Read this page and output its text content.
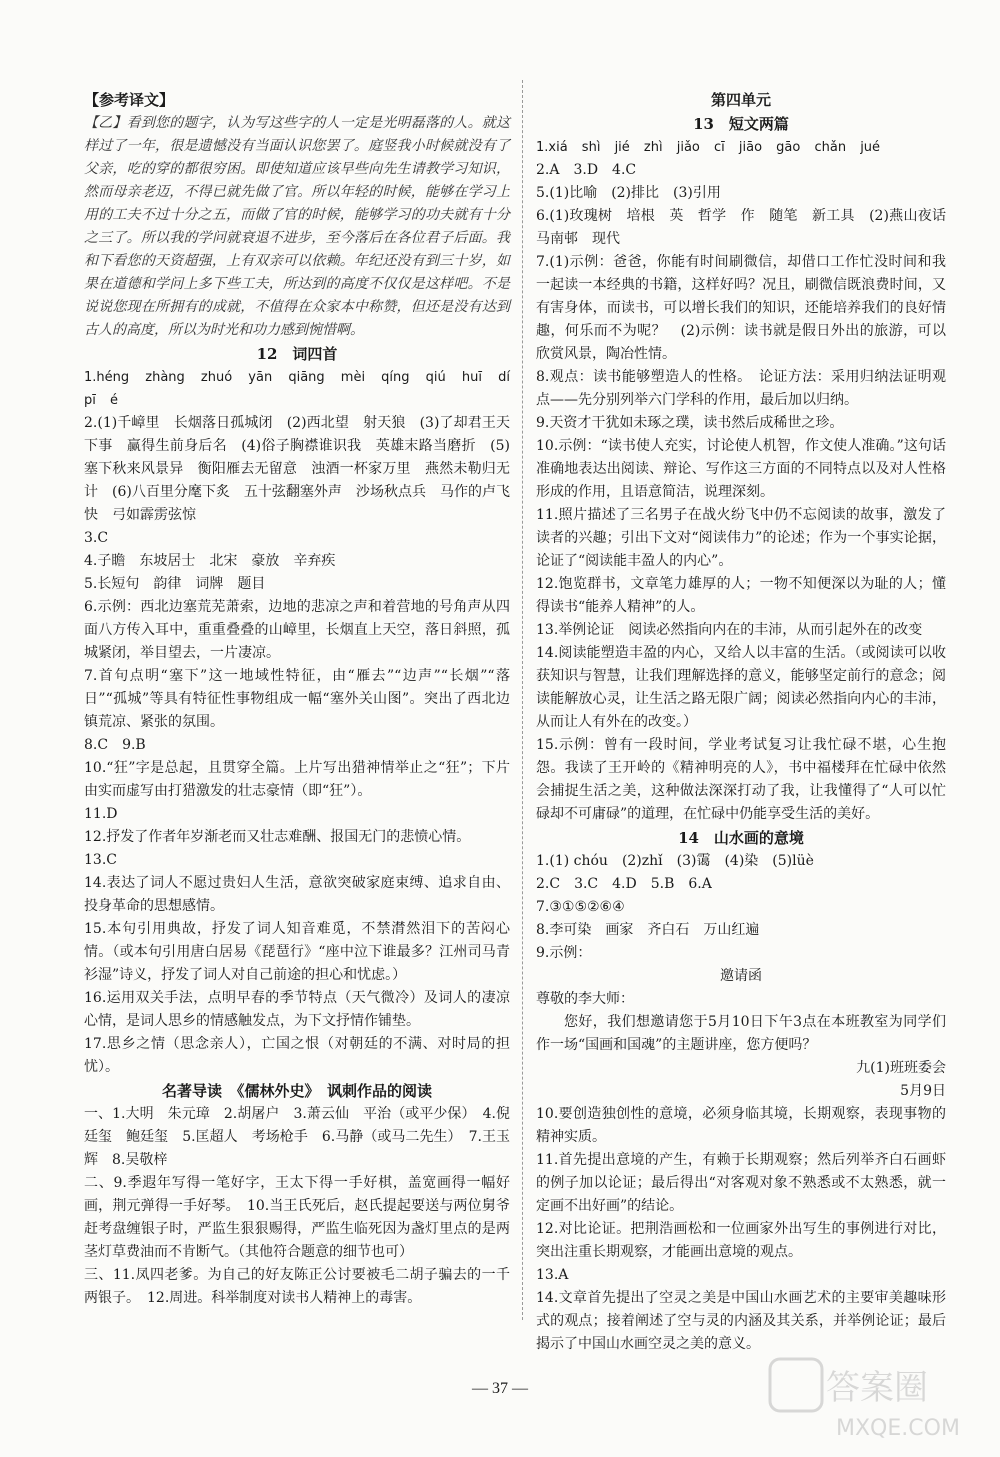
【参考译文】

【乙】看到您的题字，认为写这些字的人一定是光明磊落的人。就这样过了一年，很是遗憾没有当面认识您罢了。庭竖我小时候就没有了父亲，吃的穿的都很穷困。即使知道应该早些向先生请教学习知识，然而母亲老迈，不得已就先做了官。所以年轻的时候，能够在学习上用的工夫不过十分之五，而做了官的时候，能够学习的功夫就有十分之三了。所以我的学问就衰退不进步，至今落后在各位君子后面。我和下看您的天资超强，上有双亲可以依赖。年纪还没有到三十岁，如果在道德和学问上多下些工夫，所达到的高度不仅仅是这样吧。不是说说您现在所拥有的成就，不值得在众家本中称赞，但还是没有达到古人的高度，所以为时光和功力感到惋惜啊。

12　词四首

1.héng zhàng zhuó yān qiāng mèi qíng qiú huī dí pī é

2.(1)千嶂里　长烟落日孤城闭　(2)西北望　射天狼　(3)了却君王天下事　赢得生前身后名　(4)俗子胸襟谁识我　英雄末路当磨折　(5)塞下秋来风景异　衡阳雁去无留意　浊酒一杯家万里　燕然未勒归无计　(6)八百里分麾下炙　五十弦翻塞外声　沙场秋点兵　马作的卢飞快　弓如霹雳弦惊

3.C

4.子瞻　东坡居士　北宋　豪放　辛弃疾

5.长短句　韵律　词牌　题目

6.示例：西北边塞荒芜萧索，边地的悲凉之声和着营地的号角声从四面八方传入耳中，重重叠叠的山嶂里，长烟直上天空，落日斜照，孤城紧闭，举目望去，一片凄凉。

7.首句点明“塞下”这一地域性特征，由“雁去”“边声”“长烟”“落日”“孤城”等具有特征性事物组成一幅“塞外关山图”。突出了西北边镇荒凉、紧张的氛围。

8.C　9.B

10.“狂”字是总起，且贯穿全篇。上片写出猎神情举止之“狂”；下片由实而虚写由打猎激发的壮志豪情（即“狂”）。

11.D

12.抒发了作者年岁渐老而又壮志难酬、报国无门的悲愤心情。

13.C

14.表达了词人不愿过贵妇人生活，意欲突破家庭束缚、追求自由、投身革命的思想感情。

15.本句引用典故，抒发了词人知音难觅，不禁潸然泪下的苦闷心情。（或本句引用唐白居易《琵琶行》“座中泣下谁最多？江州司马青衫湿”诗义，抒发了词人对自己前途的担心和忧虑。）

16.运用双关手法，点明早春的季节特点（天气微冷）及词人的凄凉心情，是词人思乡的情感触发点，为下文抒情作铺垫。

17.思乡之情（思念亲人），亡国之恨（对朝廷的不满、对时局的担忧）。

名著导读　《儒林外史》　讽刺作品的阅读

一、1.大明　朱元璋　2.胡屠户　3.萧云仙　平治（或平少保）　4.倪廷玺　鲍廷玺　5.匡超人　考场枪手　6.马静（或马二先生）　7.王玉辉　8.吴敬梓

二、9.季遐年写得一笔好字，王太下得一手好棋，盖宽画得一幅好画，荆元弹得一手好琴。　10.当王氏死后，赵氏提起要送与两位舅爷赶考盘缠银子时，严监生狠狠赐得，严监生临死因为盏灯里点的是两茎灯草费油而不肯断气。（其他符合题意的细节也可）

三、11.凤四老爹。为自己的好友陈正公讨要被毛二胡子骗去的一千两银子。　12.周进。科举制度对读书人精神上的毒害。

第四单元

13　短文两篇

1.xiá shì jié zhì jiǎo cī jiāo gāo chǎn jué

2.A　3.D　4.C

5.(1)比喻　(2)排比　(3)引用

6.(1)玫瑰树　培根　英　哲学　作　随笔　新工具　(2)燕山夜话　马南邨　现代

7.(1)示例：爸爸，你能有时间刷微信，却借口工作忙没时间和我一起读一本经典的书籍，这样好吗？况且，刷微信既浪费时间，又有害身体，而读书，可以增长我们的知识，还能培养我们的良好情趣，何乐而不为呢？　(2)示例：读书就是假日外出的旅游，可以欣赏风景，陶冶性情。

8.观点：读书能够塑造人的性格。　论证方法：采用归纳法证明观点——先分别列举六门学科的作用，最后加以归纳。

9.天资才干犹如未琢之璞，读书然后成稀世之珍。

10.示例：“读书使人充实，讨论使人机智，作文使人准确。”这句话准确地表达出阅读、辩论、写作这三方面的不同特点以及对人性格形成的作用，且语意简洁，说理深刻。

11.照片描述了三名男子在战火纷飞中仍不忘阅读的故事，激发了读者的兴趣；引出下文对“阅读伟力”的论述；作为一个事实论据，论证了“阅读能丰盈人的内心”。

12.饱览群书，文章笔力雄厚的人；一物不知便深以为耻的人；懂得读书“能养人精神”的人。

13.举例论证　阅读必然指向内在的丰沛，从而引起外在的改变

14.阅读能塑造丰盈的内心，又给人以丰富的生活。（或阅读可以收获知识与智慧，让我们理解选择的意义，能够坚定前行的意念；阅读能解放心灵，让生活之路无限广阔；阅读必然指向内心的丰沛，从而让人有外在的改变。）

15.示例：曾有一段时间，学业考试复习让我忙碌不堪，心生抱怨。我读了王开岭的《精神明亮的人》，书中福楼拜在忙碌中依然会捕捉生活之美，这种做法深深打动了我，让我懂得了“人可以忙碌却不可庸碌”的道理，在忙碌中仍能享受生活的美好。

14　山水画的意境

1.(1) chóu　(2)zhǐ　(3)霭　(4)染　(5)lüè

2.C　3.C　4.D　5.B　6.A

7.③①⑤②⑥④

8.李可染　画家　齐白石　万山红遍

9.示例：

邀请函

尊敬的李大师：

您好，我们想邀请您于5月10日下午3点在本班教室为同学们作一场“国画和国魂”的主题讲座，您方便吗？

九(1)班班委会

5月9日

10.要创造独创性的意境，必须身临其境，长期观察，表现事物的精神实质。

11.首先提出意境的产生，有赖于长期观察；然后列举齐白石画虾的例子加以论证；最后得出“对客观对象不熟悉或不太熟悉，就一定画不出好画”的结论。

12.对比论证。把荆浩画松和一位画家外出写生的事例进行对比，突出注重长期观察，才能画出意境的观点。

13.A

14.文章首先提出了空灵之美是中国山水画艺术的主要审美趣味形式的观点；接着阐述了空与灵的内涵及其关系，并举例论证；最后揭示了中国山水画空灵之美的意义。

— 37 —	答案圈
MXQE.COM
